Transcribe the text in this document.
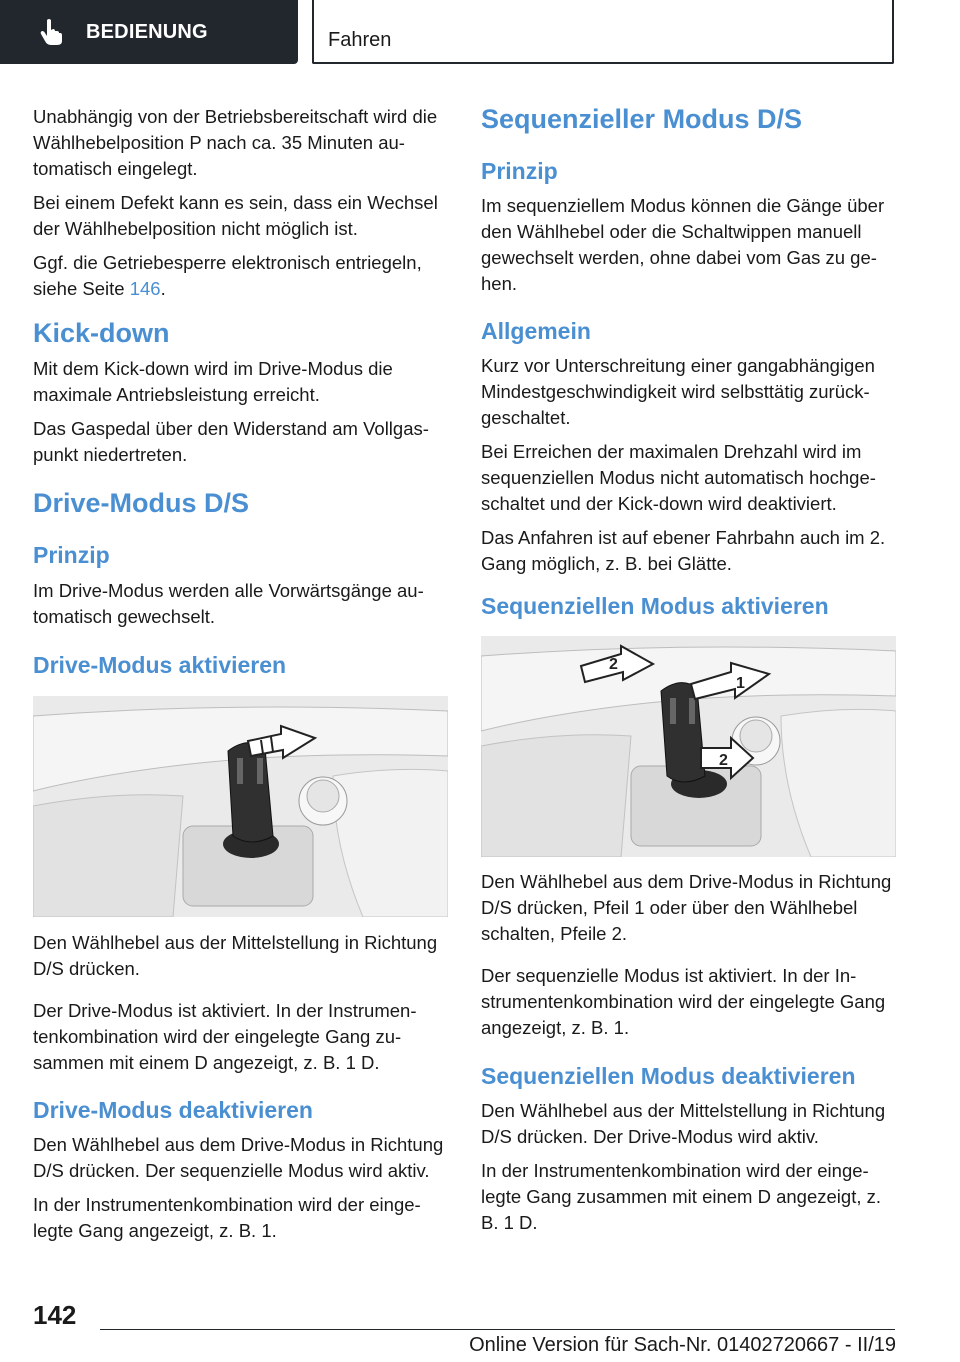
BEDIENUNG	Fahren

Unabhängig von der Betriebsbereitschaft wird die Wählhebelposition P nach ca. 35 Minuten automatisch eingelegt.

Bei einem Defekt kann es sein, dass ein Wechsel der Wählhebelposition nicht möglich ist.

Ggf. die Getriebesperre elektronisch entriegeln, siehe Seite 146.

Kick-down

Mit dem Kick-down wird im Drive-Modus die maximale Antriebsleistung erreicht.

Das Gaspedal über den Widerstand am Vollgaspunkt niedertreten.

Drive-Modus D/S
Prinzip

Im Drive-Modus werden alle Vorwärtsgänge automatisch gewechselt.

Drive-Modus aktivieren

Den Wählhebel aus der Mittelstellung in Richtung D/S drücken.

Der Drive-Modus ist aktiviert. In der Instrumentenkombination wird der eingelegte Gang zusammen mit einem D angezeigt, z. B. 1 D.

Drive-Modus deaktivieren

Den Wählhebel aus dem Drive-Modus in Richtung D/S drücken. Der sequenzielle Modus wird aktiv.

In der Instrumentenkombination wird der eingelegte Gang angezeigt, z. B. 1.

Sequenzieller Modus D/S
Prinzip

Im sequenziellem Modus können die Gänge über den Wählhebel oder die Schaltwippen manuell gewechselt werden, ohne dabei vom Gas zu gehen.

Allgemein

Kurz vor Unterschreitung einer gangabhängigen Mindestgeschwindigkeit wird selbsttätig zurückgeschaltet.

Bei Erreichen der maximalen Drehzahl wird im sequenziellen Modus nicht automatisch hochgeschaltet und der Kick-down wird deaktiviert.

Das Anfahren ist auf ebener Fahrbahn auch im 2. Gang möglich, z. B. bei Glätte.

Sequenziellen Modus aktivieren
1
2
2

Den Wählhebel aus dem Drive-Modus in Richtung D/S drücken, Pfeil 1 oder über den Wählhebel schalten, Pfeile 2.

Der sequenzielle Modus ist aktiviert. In der Instrumentenkombination wird der eingelegte Gang angezeigt, z. B. 1.

Sequenziellen Modus deaktivieren

Den Wählhebel aus der Mittelstellung in Richtung D/S drücken. Der Drive-Modus wird aktiv.

In der Instrumentenkombination wird der eingelegte Gang zusammen mit einem D angezeigt, z. B. 1 D.

142
Online Version für Sach-Nr. 01402720667 - II/19
